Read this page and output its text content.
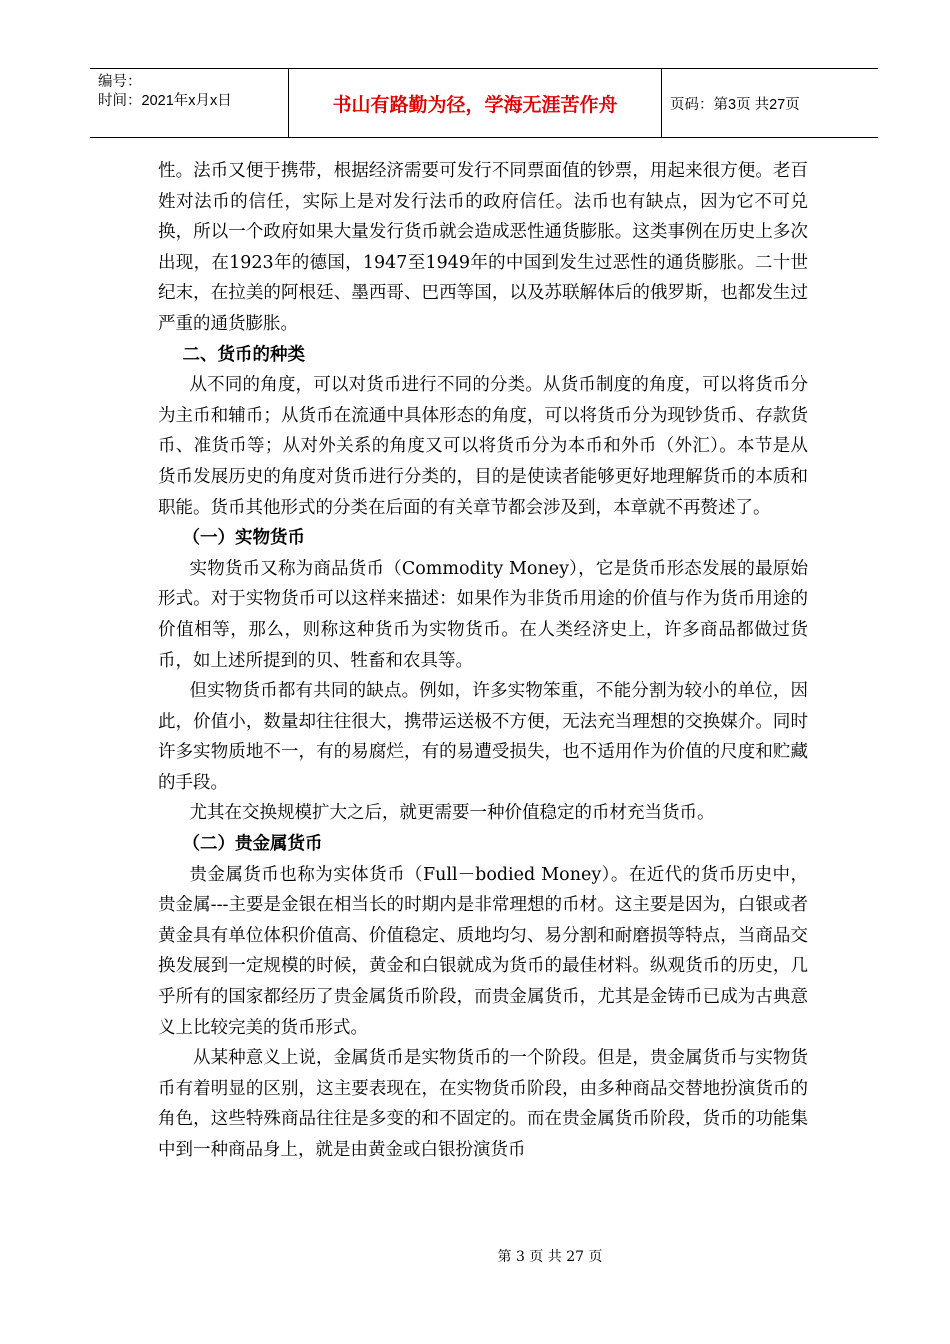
编号：
时间：2021年x月x日	书山有路勤为径，学海无涯苦作舟	页码：第3页 共27页

性。法币又便于携带，根据经济需要可发行不同票面值的钞票，用起来很方便。老百姓对法币的信任，实际上是对发行法币的政府信任。法币也有缺点，因为它不可兑换，所以一个政府如果大量发行货币就会造成恶性通货膨胀。这类事例在历史上多次出现，在1923年的德国，1947至1949年的中国到发生过恶性的通货膨胀。二十世纪末，在拉美的阿根廷、墨西哥、巴西等国，以及苏联解体后的俄罗斯，也都发生过严重的通货膨胀。

二、货币的种类

从不同的角度，可以对货币进行不同的分类。从货币制度的角度，可以将货币分为主币和辅币；从货币在流通中具体形态的角度，可以将货币分为现钞货币、存款货币、准货币等；从对外关系的角度又可以将货币分为本币和外币（外汇）。本节是从货币发展历史的角度对货币进行分类的，目的是使读者能够更好地理解货币的本质和职能。货币其他形式的分类在后面的有关章节都会涉及到，本章就不再赘述了。

（一）实物货币

实物货币又称为商品货币（Commodity Money），它是货币形态发展的最原始形式。对于实物货币可以这样来描述：如果作为非货币用途的价值与作为货币用途的价值相等，那么，则称这种货币为实物货币。在人类经济史上，许多商品都做过货币，如上述所提到的贝、牲畜和农具等。

但实物货币都有共同的缺点。例如，许多实物笨重，不能分割为较小的单位，因此，价值小，数量却往往很大，携带运送极不方便，无法充当理想的交换媒介。同时许多实物质地不一，有的易腐烂，有的易遭受损失，也不适用作为价值的尺度和贮藏的手段。

尤其在交换规模扩大之后，就更需要一种价值稳定的币材充当货币。

（二）贵金属货币

贵金属货币也称为实体货币（Full－bodied Money）。在近代的货币历史中，贵金属---主要是金银在相当长的时期内是非常理想的币材。这主要是因为，白银或者黄金具有单位体积价值高、价值稳定、质地均匀、易分割和耐磨损等特点，当商品交换发展到一定规模的时候，黄金和白银就成为货币的最佳材料。纵观货币的历史，几乎所有的国家都经历了贵金属货币阶段，而贵金属货币，尤其是金铸币已成为古典意义上比较完美的货币形式。

从某种意义上说，金属货币是实物货币的一个阶段。但是，贵金属货币与实物货币有着明显的区别，这主要表现在，在实物货币阶段，由多种商品交替地扮演货币的角色，这些特殊商品往往是多变的和不固定的。而在贵金属货币阶段，货币的功能集中到一种商品身上，就是由黄金或白银扮演货币

第 3 页 共 27 页
